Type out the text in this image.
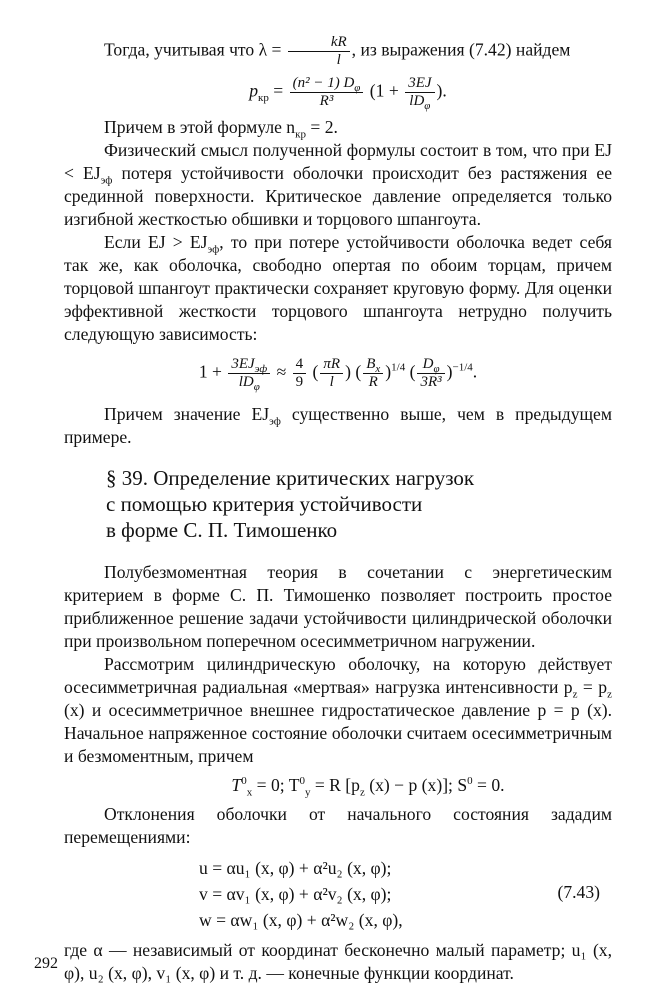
Тогда, учитывая что $\lambda = \frac{kR}{l}$ , из выражения (7.42) найдем

$p_{кр} = \frac{(n^2 - 1) D_\varphi}{\text{R³}} (1 + \frac{3EJ}{lD_\varphi}$ ).

Причем в этой формуле $n_{кр} = 2$.

Физический смысл полученной формулы состоит в том, что при EJ < $EJ_{эф}$ потеря устойчивости оболочки происходит без растяжения ее срединной поверхности. Критическое давление определяется только изгибной жесткостью обшивки и торцового шпангоута.

Если EJ > $EJ_{эф}$, то при потере устойчивости оболочка ведет себя так же, как оболочка, свободно опертая по обоим торцам, причем торцовой шпангоут практически сохраняет круговую форму. Для оценки эффективной жесткости торцового шпангоута нетрудно получить следующую зависимость:

$1 + \frac{3EJ_{эф}}{lD_\varphi} \approx \frac{4}{9}$ ( $\frac{\pi R}{l}$ ) ( $\frac{B_x}{R} )^{1/4}$ ( $\frac{D_\varphi}{\text{3R³}} )^{-1/4}$.

Причем значение $EJ_{эф}$ существенно выше, чем в предыдущем примере.

§ 39. Определение критических нагрузок
с помощью критерия устойчивости
в форме С. П. Тимошенко

Полубезмоментная теория в сочетании с энергетическим критерием в форме С. П. Тимошенко позволяет построить простое приближенное решение задачи устойчивости цилиндрической оболочки при произвольном поперечном осесимметричном нагружении.

Рассмотрим цилиндрическую оболочку, на которую действует осесимметричная радиальная «мертвая» нагрузка интенсивности $p_z = p_z$ (x) и осесимметричное внешнее гидростатическое давление p = p (x). Начальное напряженное состояние оболочки считаем осесимметричным и безмоментным, причем

$T^0_x = 0$; $T^0_y = R$ [$p_z$ (x) − p (x)]; $S^0 = 0$.

Отклонения оболочки от начального состояния зададим перемещениями:

u = αu₁ (x, φ) + α²u₂ (x, φ);
v = αv₁ (x, φ) + α²v₂ (x, φ);
w = αw₁ (x, φ) + α²w₂ (x, φ),
(7.43)

где α — независимый от координат бесконечно малый параметр; u₁ (x, φ), u₂ (x, φ), v₁ (x, φ) и т. д. — конечные функции координат.

292
